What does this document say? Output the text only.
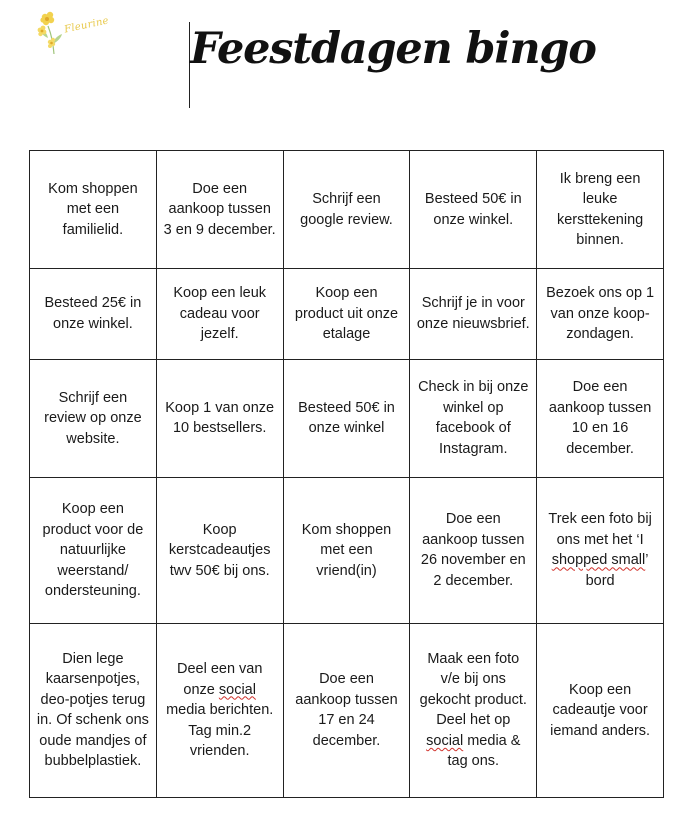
Fleurine Feestdagen bingo
Kom shoppen met een familielid.	Doe een aankoop tussen 3 en 9 december.	Schrijf een google review.	Besteed 50€ in onze winkel.	Ik breng een leuke kersttekening binnen.
Besteed 25€ in onze winkel.	Koop een leuk cadeau voor jezelf.	Koop een product uit onze etalage	Schrijf je in voor onze nieuwsbrief.	Bezoek ons op 1 van onze koop-zondagen.
Schrijf een review op onze website.	Koop 1 van onze 10 bestsellers.	Besteed 50€ in onze winkel	Check in bij onze winkel op facebook of Instagram.	Doe een aankoop tussen 10 en 16 december.
Koop een product voor de natuurlijke weerstand/ ondersteuning.	Koop kerstcadeautjes twv 50€ bij ons.	Kom shoppen met een vriend(in)	Doe een aankoop tussen 26 november en 2 december.	Trek een foto bij ons met het ‘I shopped small’ bord
Dien lege kaarsenpotjes, deo-potjes terug in. Of schenk ons oude mandjes of bubbelplastiek.	Deel een van onze social media berichten. Tag min.2 vrienden.	Doe een aankoop tussen 17 en 24 december.	Maak een foto v/e bij ons gekocht product. Deel het op social media & tag ons.	Koop een cadeautje voor iemand anders.
